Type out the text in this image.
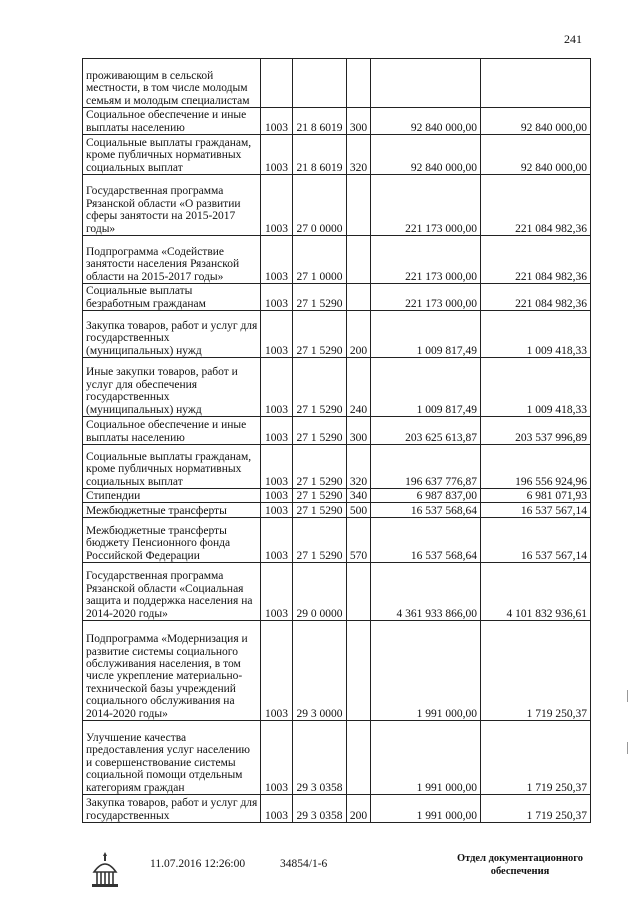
241
проживающим в сельской местности, в том числе молодым семьям и молодым специалистам					
Социальное обеспечение и иные выплаты населению	1003	21 8 6019	300	92 840 000,00	92 840 000,00
Социальные выплаты гражданам, кроме публичных нормативных социальных выплат	1003	21 8 6019	320	92 840 000,00	92 840 000,00
Государственная программа Рязанской области «О развитии сферы занятости на 2015-2017 годы»	1003	27 0 0000		221 173 000,00	221 084 982,36
Подпрограмма «Содействие занятости населения Рязанской области на 2015-2017 годы»	1003	27 1 0000		221 173 000,00	221 084 982,36
Социальные выплаты безработным гражданам	1003	27 1 5290		221 173 000,00	221 084 982,36
Закупка товаров, работ и услуг для государственных (муниципальных) нужд	1003	27 1 5290	200	1 009 817,49	1 009 418,33
Иные закупки товаров, работ и услуг для обеспечения государственных (муниципальных) нужд	1003	27 1 5290	240	1 009 817,49	1 009 418,33
Социальное обеспечение и иные выплаты населению	1003	27 1 5290	300	203 625 613,87	203 537 996,89
Социальные выплаты гражданам, кроме публичных нормативных социальных выплат	1003	27 1 5290	320	196 637 776,87	196 556 924,96
Стипендии	1003	27 1 5290	340	6 987 837,00	6 981 071,93
Межбюджетные трансферты	1003	27 1 5290	500	16 537 568,64	16 537 567,14
Межбюджетные трансферты бюджету Пенсионного фонда Российской Федерации	1003	27 1 5290	570	16 537 568,64	16 537 567,14
Государственная программа Рязанской области «Социальная защита и поддержка населения на 2014-2020 годы»	1003	29 0 0000		4 361 933 866,00	4 101 832 936,61
Подпрограмма «Модернизация и развитие системы социального обслуживания населения, в том числе укрепление материально-технической базы учреждений социального обслуживания на 2014-2020 годы»	1003	29 3 0000		1 991 000,00	1 719 250,37
Улучшение качества предоставления услуг населению и совершенствование системы социальной помощи отдельным категориям граждан	1003	29 3 0358		1 991 000,00	1 719 250,37
Закупка товаров, работ и услуг для государственных	1003	29 3 0358	200	1 991 000,00	1 719 250,37
11.07.2016 12:26:00	34854/1-6	Отдел документационного
обеспечения
